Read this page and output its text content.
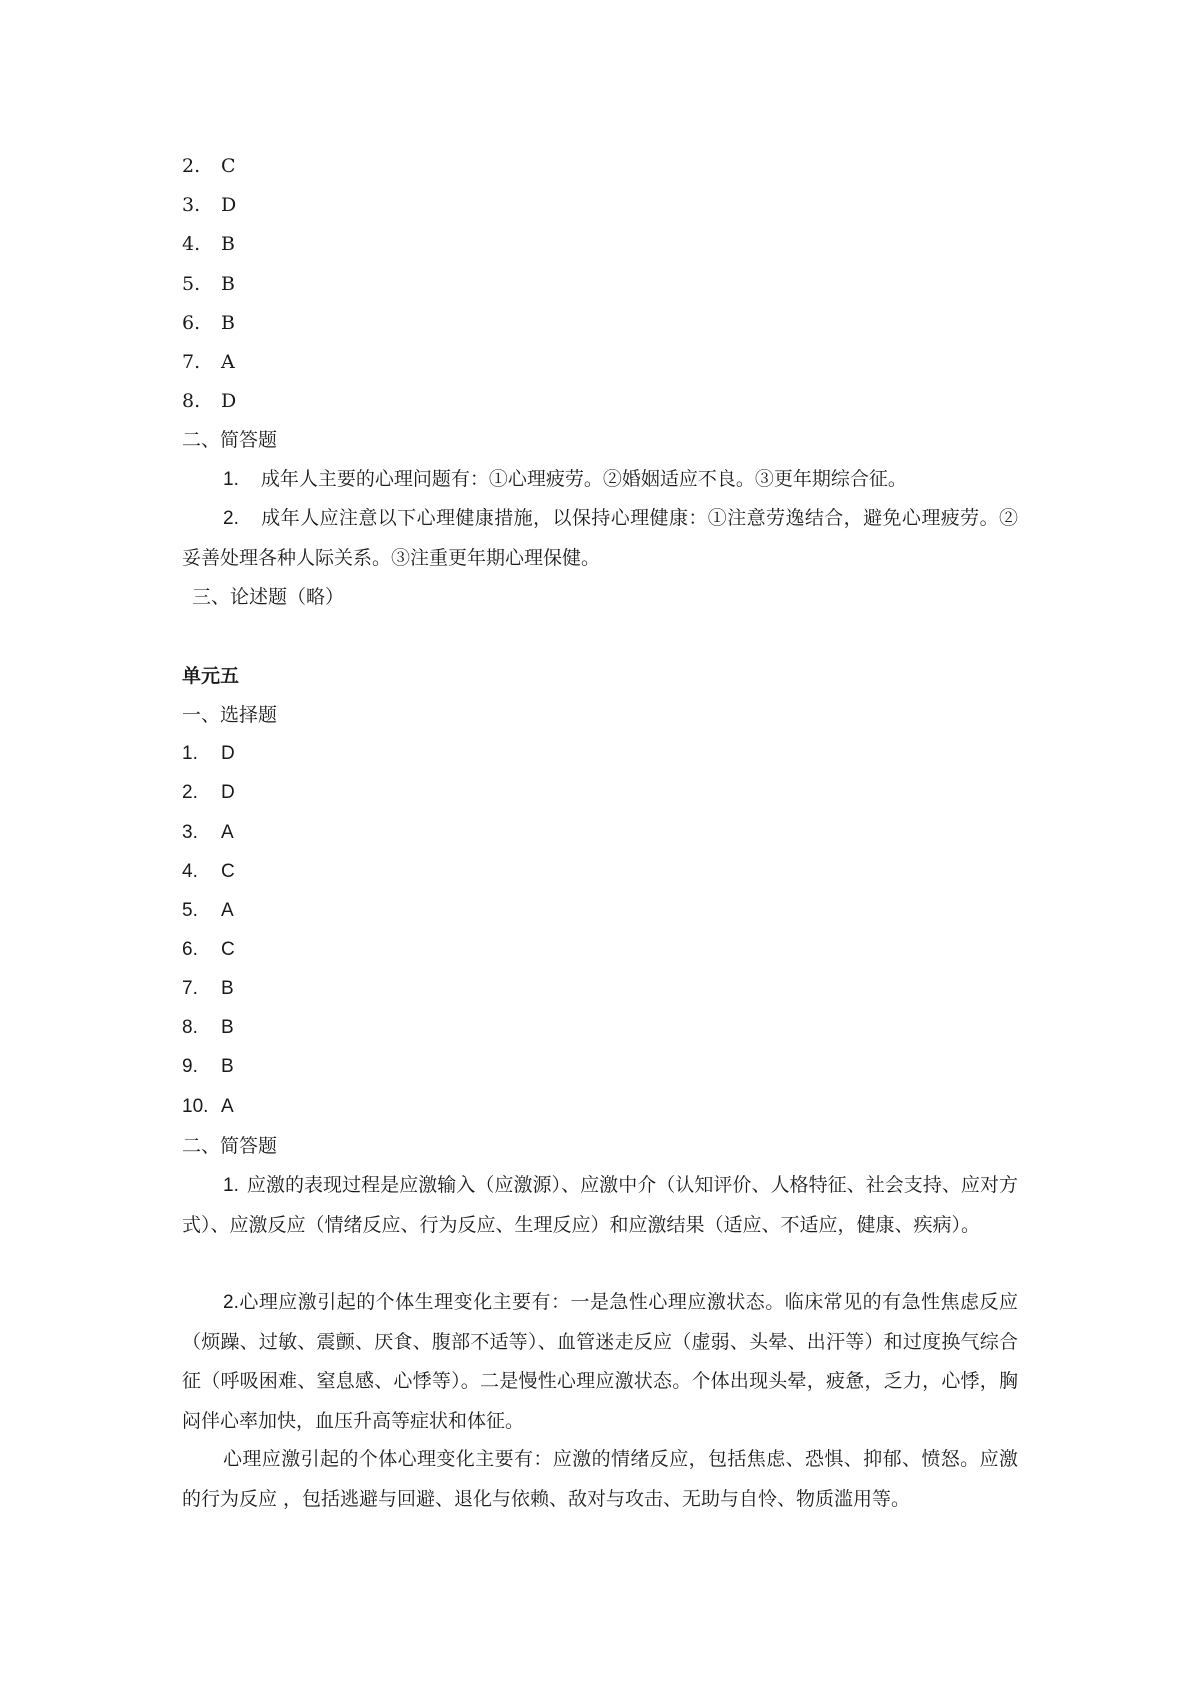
2. C
3. D
4. B
5. B
6. B
7. A
8. D
二、简答题
1. 成年人主要的心理问题有：①心理疲劳。②婚姻适应不良。③更年期综合征。
2. 成年人应注意以下心理健康措施，以保持心理健康：①注意劳逸结合，避免心理疲劳。②妥善处理各种人际关系。③注重更年期心理保健。
三、论述题（略）
单元五
一、选择题
1. D
2. D
3. A
4. C
5. A
6. C
7. B
8. B
9. B
10. A
二、简答题

1. 应激的表现过程是应激输入（应激源）、应激中介（认知评价、人格特征、社会支持、应对方式）、应激反应（情绪反应、行为反应、生理反应）和应激结果（适应、不适应，健康、疾病）。

2.心理应激引起的个体生理变化主要有：一是急性心理应激状态。临床常见的有急性焦虑反应（烦躁、过敏、震颤、厌食、腹部不适等）、血管迷走反应（虚弱、头晕、出汗等）和过度换气综合征（呼吸困难、窒息感、心悸等）。二是慢性心理应激状态。个体出现头晕，疲惫，乏力，心悸，胸闷伴心率加快，血压升高等症状和体征。

心理应激引起的个体心理变化主要有：应激的情绪反应，包括焦虑、恐惧、抑郁、愤怒。应激的行为反应 ，包括逃避与回避、退化与依赖、敌对与攻击、无助与自怜、物质滥用等。
